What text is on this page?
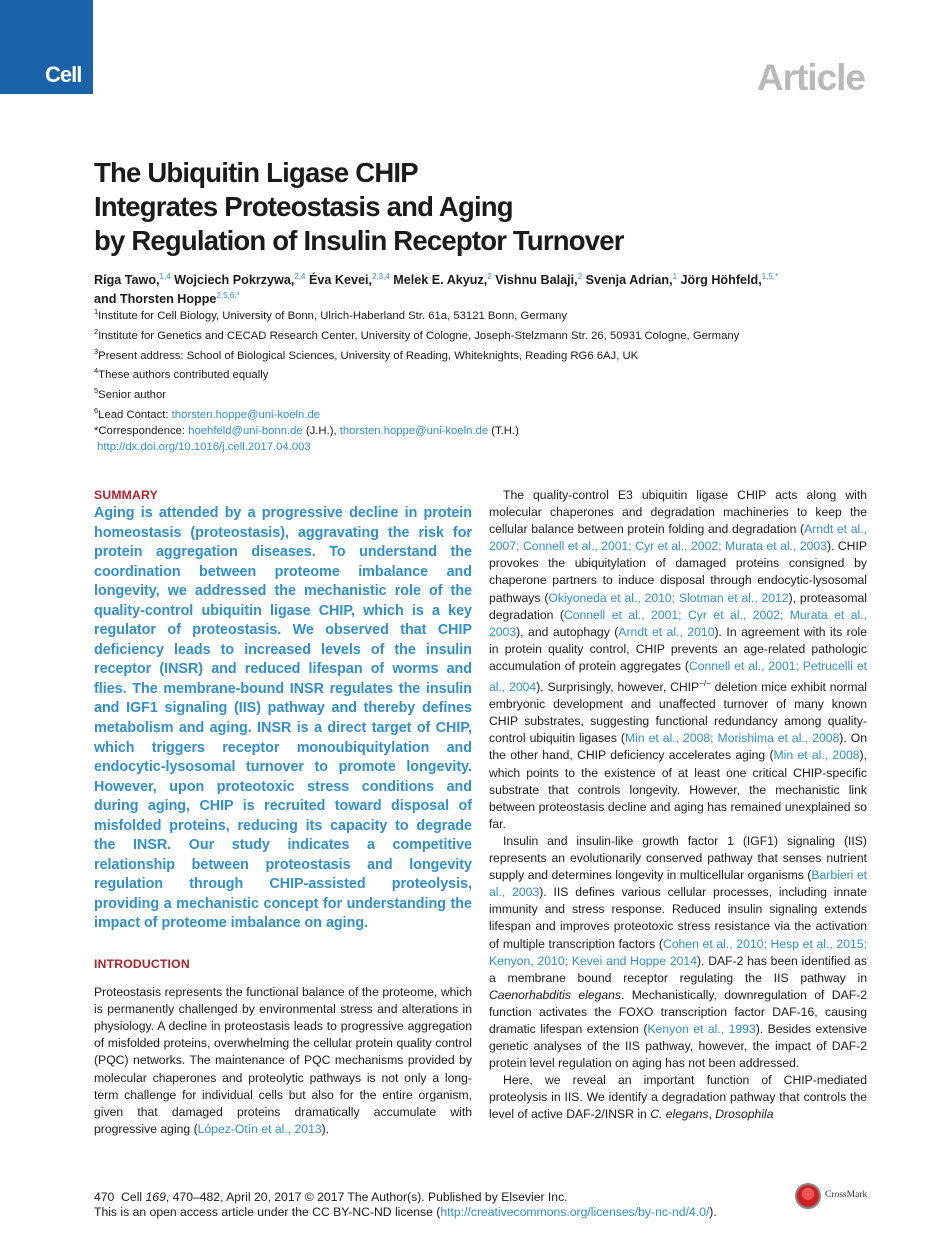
Cell	Article
The Ubiquitin Ligase CHIP
Integrates Proteostasis and Aging
by Regulation of Insulin Receptor Turnover
Riga Tawo,$^{1,4}$ Wojciech Pokrzywa,$^{2,4}$ Éva Kevei,$^{2,3,4}$ Melek E. Akyuz,$^2$ Vishnu Balaji,$^2$ Svenja Adrian,$^1$ Jörg Höhfeld,$^{1,5,*}$
and Thorsten Hoppe$^{2,5,6,*}$
$^1$Institute for Cell Biology, University of Bonn, Ulrich-Haberland Str. 61a, 53121 Bonn, Germany
$^2$Institute for Genetics and CECAD Research Center, University of Cologne, Joseph-Stelzmann Str. 26, 50931 Cologne, Germany
$^3$Present address: School of Biological Sciences, University of Reading, Whiteknights, Reading RG6 6AJ, UK
$^4$These authors contributed equally
$^5$Senior author
$^6$Lead Contact: thorsten.hoppe@uni-koeln.de
*Correspondence: hoehfeld@uni-bonn.de (J.H.), thorsten.hoppe@uni-koeln.de (T.H.)
http://dx.doi.org/10.1016/j.cell.2017.04.003
SUMMARY

Aging is attended by a progressive decline in protein homeostasis (proteostasis), aggravating the risk for protein aggregation diseases. To understand the coordination between proteome imbalance and longevity, we addressed the mechanistic role of the quality-control ubiquitin ligase CHIP, which is a key regulator of proteostasis. We observed that CHIP deficiency leads to increased levels of the insulin receptor (INSR) and reduced lifespan of worms and flies. The membrane-bound INSR regulates the insulin and IGF1 signaling (IIS) pathway and thereby defines metabolism and aging. INSR is a direct target of CHIP, which triggers receptor monoubiquitylation and endocytic-lysosomal turnover to promote longevity. However, upon proteotoxic stress conditions and during aging, CHIP is recruited toward disposal of misfolded proteins, reducing its capacity to degrade the INSR. Our study indicates a competitive relationship between proteostasis and longevity regulation through CHIP-assisted proteolysis, providing a mechanistic concept for understanding the impact of proteome imbalance on aging.

INTRODUCTION

Proteostasis represents the functional balance of the proteome, which is permanently challenged by environmental stress and alterations in physiology. A decline in proteostasis leads to progressive aggregation of misfolded proteins, overwhelming the cellular protein quality control (PQC) networks. The maintenance of PQC mechanisms provided by molecular chaperones and proteolytic pathways is not only a long-term challenge for individual cells but also for the entire organism, given that damaged proteins dramatically accumulate with progressive aging (López-Otín et al., 2013).

The quality-control E3 ubiquitin ligase CHIP acts along with molecular chaperones and degradation machineries to keep the cellular balance between protein folding and degradation (Arndt et al., 2007; Connell et al., 2001; Cyr et al., 2002; Murata et al., 2003). CHIP provokes the ubiquitylation of damaged proteins consigned by chaperone partners to induce disposal through endocytic-lysosomal pathways (Okiyoneda et al., 2010; Slotman et al., 2012), proteasomal degradation (Connell et al., 2001; Cyr et al., 2002; Murata et al., 2003), and autophagy (Arndt et al., 2010). In agreement with its role in protein quality control, CHIP prevents an age-related pathologic accumulation of protein aggregates (Connell et al., 2001; Petrucelli et al., 2004). Surprisingly, however, CHIP−/− deletion mice exhibit normal embryonic development and unaffected turnover of many known CHIP substrates, suggesting functional redundancy among quality-control ubiquitin ligases (Min et al., 2008; Morishima et al., 2008). On the other hand, CHIP deficiency accelerates aging (Min et al., 2008), which points to the existence of at least one critical CHIP-specific substrate that controls longevity. However, the mechanistic link between proteostasis decline and aging has remained unexplained so far.

Insulin and insulin-like growth factor 1 (IGF1) signaling (IIS) represents an evolutionarily conserved pathway that senses nutrient supply and determines longevity in multicellular organisms (Barbieri et al., 2003). IIS defines various cellular processes, including innate immunity and stress response. Reduced insulin signaling extends lifespan and improves proteotoxic stress resistance via the activation of multiple transcription factors (Cohen et al., 2010; Hesp et al., 2015; Kenyon, 2010; Kevei and Hoppe 2014). DAF-2 has been identified as a membrane bound receptor regulating the IIS pathway in Caenorhabditis elegans. Mechanistically, downregulation of DAF-2 function activates the FOXO transcription factor DAF-16, causing dramatic lifespan extension (Kenyon et al., 1993). Besides extensive genetic analyses of the IIS pathway, however, the impact of DAF-2 protein level regulation on aging has not been addressed.

Here, we reveal an important function of CHIP-mediated proteolysis in IIS. We identify a degradation pathway that controls the level of active DAF-2/INSR in C. elegans, Drosophila

470 Cell 169, 470–482, April 20, 2017 © 2017 The Author(s). Published by Elsevier Inc.
This is an open access article under the CC BY-NC-ND license (http://creativecommons.org/licenses/by-nc-nd/4.0/).
CrossMark
